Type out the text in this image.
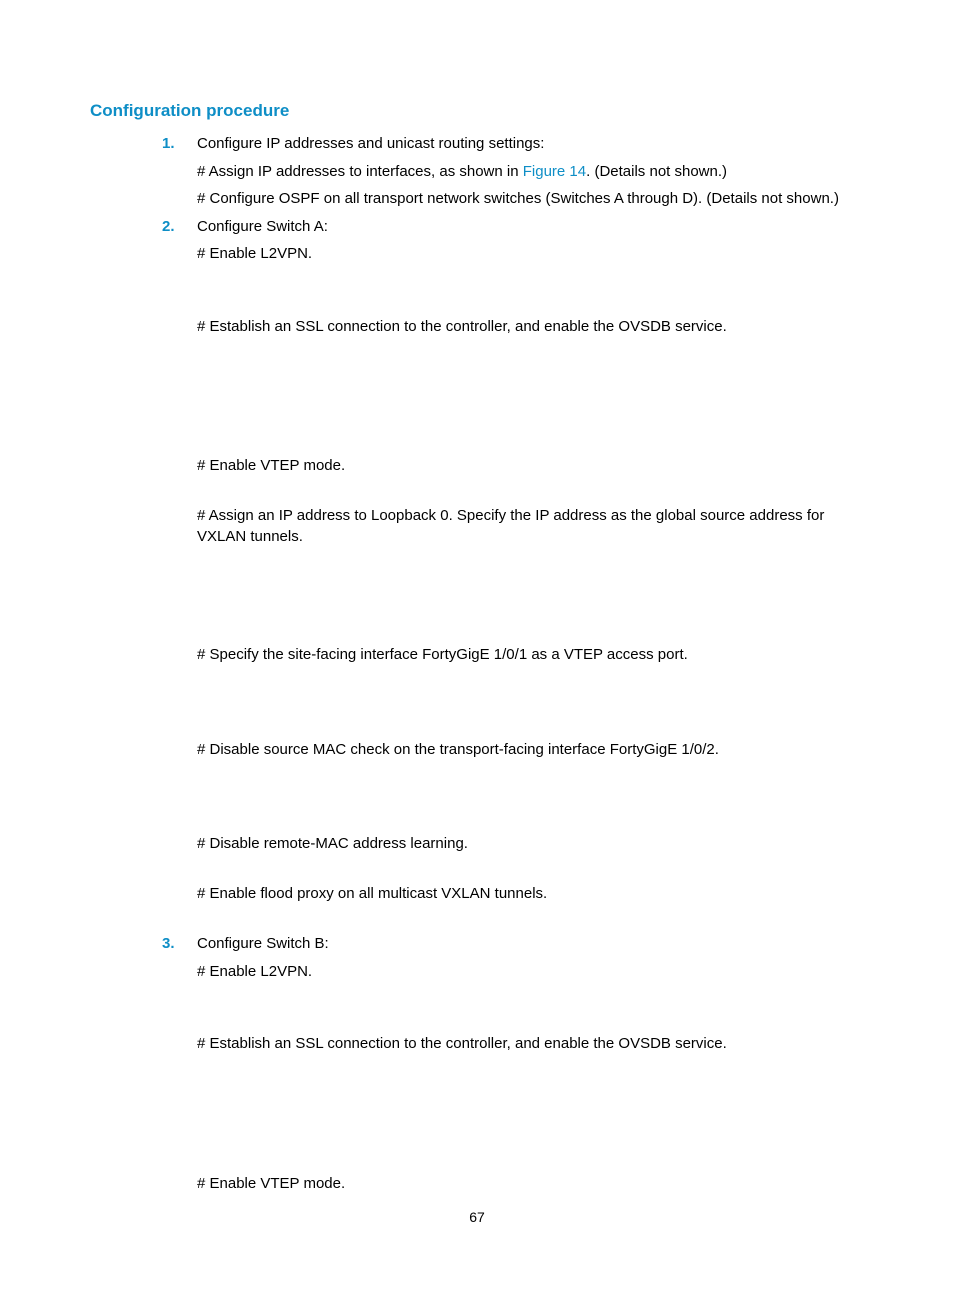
Configuration procedure
1. Configure IP addresses and unicast routing settings:
# Assign IP addresses to interfaces, as shown in Figure 14. (Details not shown.)
# Configure OSPF on all transport network switches (Switches A through D). (Details not shown.)
2. Configure Switch A:
# Enable L2VPN.
# Establish an SSL connection to the controller, and enable the OVSDB service.
# Enable VTEP mode.
# Assign an IP address to Loopback 0. Specify the IP address as the global source address for VXLAN tunnels.
# Specify the site-facing interface FortyGigE 1/0/1 as a VTEP access port.
# Disable source MAC check on the transport-facing interface FortyGigE 1/0/2.
# Disable remote-MAC address learning.
# Enable flood proxy on all multicast VXLAN tunnels.
3. Configure Switch B:
# Enable L2VPN.
# Establish an SSL connection to the controller, and enable the OVSDB service.
# Enable VTEP mode.
67
